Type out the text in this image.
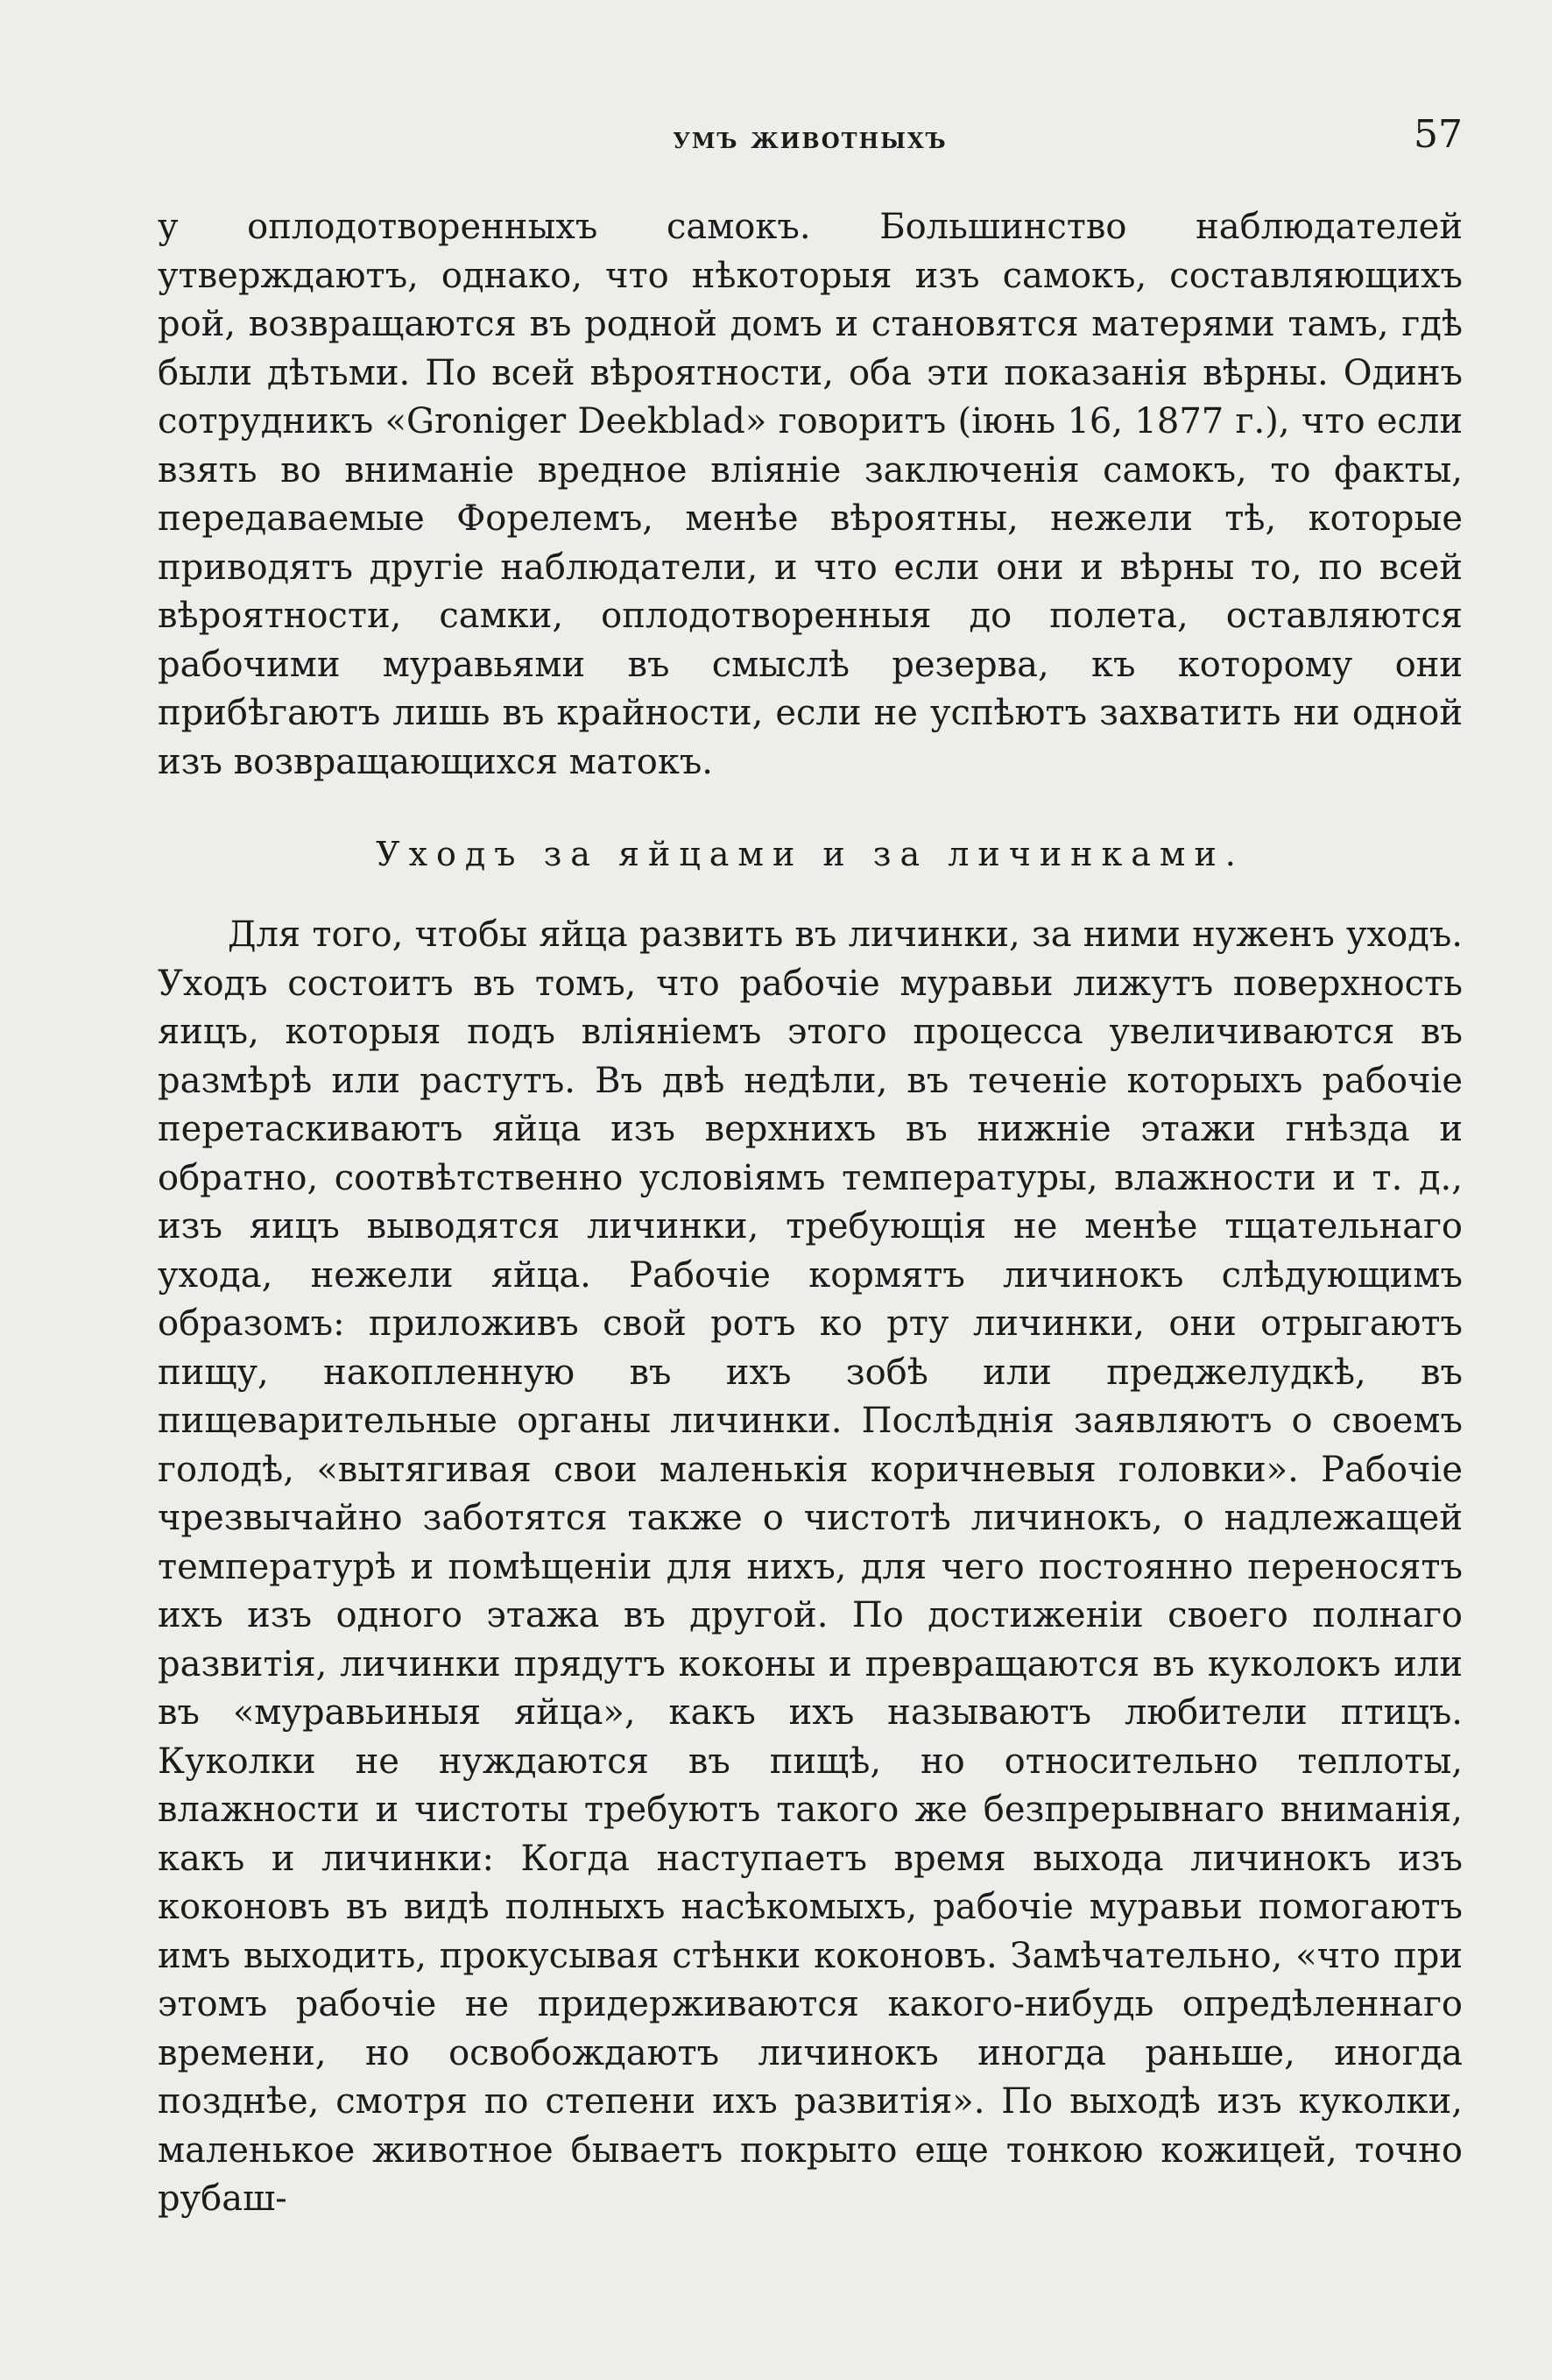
умъ животныхъ	57

у оплодотворенныхъ самокъ. Большинство наблюдателей утверждаютъ, однако, что нѣкоторыя изъ самокъ, составляющихъ рой, возвращаются въ родной домъ и становятся матерями тамъ, гдѣ были дѣтьми. По всей вѣроятности, оба эти показанія вѣрны. Одинъ сотрудникъ «Groniger Deekblad» говоритъ (іюнь 16, 1877 г.), что если взять во вниманіе вредное вліяніе заключенія самокъ, то факты, передаваемые Форелемъ, менѣе вѣроятны, нежели тѣ, которые приводятъ другіе наблюдатели, и что если они и вѣрны то, по всей вѣроятности, самки, оплодотворенныя до полета, оставляются рабочими муравьями въ смыслѣ резерва, къ которому они прибѣгаютъ лишь въ крайности, если не успѣютъ захватить ни одной изъ возвращающихся матокъ.

Уходъ за яйцами и за личинками.

Для того, чтобы яйца развить въ личинки, за ними нуженъ уходъ. Уходъ состоитъ въ томъ, что рабочіе муравьи лижутъ поверхность яицъ, которыя подъ вліяніемъ этого процесса увеличиваются въ размѣрѣ или растутъ. Въ двѣ недѣли, въ теченіе которыхъ рабочіе перетаскиваютъ яйца изъ верхнихъ въ нижніе этажи гнѣзда и обратно, соотвѣтственно условіямъ температуры, влажности и т. д., изъ яицъ выводятся личинки, требующія не менѣе тщательнаго ухода, нежели яйца. Рабочіе кормятъ личинокъ слѣдующимъ образомъ: приложивъ свой ротъ ко рту личинки, они отрыгаютъ пищу, накопленную въ ихъ зобѣ или преджелудкѣ, въ пищеварительные органы личинки. Послѣднія заявляютъ о своемъ голодѣ, «вытягивая свои маленькія коричневыя головки». Рабочіе чрезвычайно заботятся также о чистотѣ личинокъ, о надлежащей температурѣ и помѣщеніи для нихъ, для чего постоянно переносятъ ихъ изъ одного этажа въ другой. По достиженіи своего полнаго развитія, личинки прядутъ коконы и превращаются въ куколокъ или въ «муравьиныя яйца», какъ ихъ называютъ любители птицъ. Куколки не нуждаются въ пищѣ, но относительно теплоты, влажности и чистоты требуютъ такого же безпрерывнаго вниманія, какъ и личинки: Когда наступаетъ время выхода личинокъ изъ коконовъ въ видѣ полныхъ насѣкомыхъ, рабочіе муравьи помогаютъ имъ выходить, прокусывая стѣнки коконовъ. Замѣчательно, «что при этомъ рабочіе не придерживаются какого-нибудь опредѣленнаго времени, но освобождаютъ личинокъ иногда раньше, иногда позднѣе, смотря по степени ихъ развитія». По выходѣ изъ куколки, маленькое животное бываетъ покрыто еще тонкою кожицей, точно рубаш-
